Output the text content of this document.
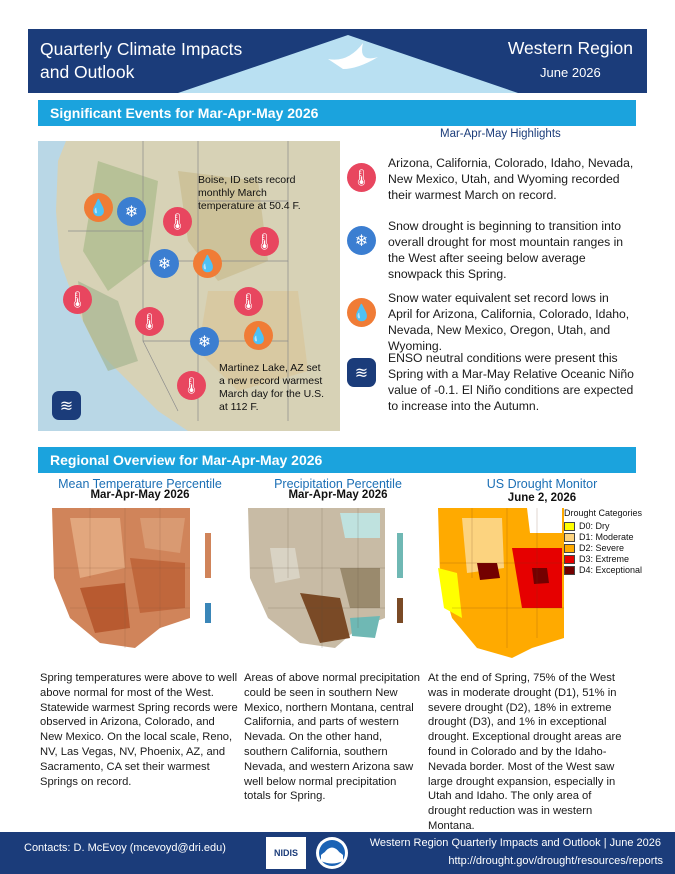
Quarterly Climate Impacts
and Outlook
Western Region
June 2026
Significant Events for Mar-Apr-May 2026
Boise, ID sets record monthly March temperature at 50.4 F.
Martinez Lake, AZ set a new record warmest March day for the U.S. at 112 F.
💧	❄
🌡
🌡
❄	💧
🌡	🌡
🌡
💧
❄
🌡
≋
Mar-Apr-May Highlights
🌡
Arizona, California, Colorado, Idaho, Nevada, New Mexico, Utah, and Wyoming recorded their warmest March on record.
❄
Snow drought is beginning to transition into overall drought for most mountain ranges in the West after seeing below average snowpack this Spring.
💧
Snow water equivalent set record lows in April for Arizona, California, Colorado, Idaho, Nevada, New Mexico, Oregon, Utah, and Wyoming.
≋
ENSO neutral conditions were present this Spring with a Mar-May Relative Oceanic Niño value of -0.1. El Niño conditions are expected to increase into the Autumn.
Regional Overview for Mar-Apr-May 2026
Mean Temperature Percentile
Mar-Apr-May 2026
Spring temperatures were above to well above normal for most of the West. Statewide warmest Spring records were observed in Arizona, Colorado, and New Mexico. On the local scale, Reno, NV, Las Vegas, NV, Phoenix, AZ, and Sacramento, CA set their warmest Springs on record.
Precipitation Percentile
Mar-Apr-May 2026
Areas of above normal precipitation could be seen in southern New Mexico, northern Montana, central California, and parts of western Nevada. On the other hand, southern California, southern Nevada, and western Arizona saw well below normal precipitation totals for Spring.
US Drought Monitor
June 2, 2026
Drought Categories
D0: Dry
D1: Moderate
D2: Severe
D3: Extreme
D4: Exceptional
At the end of Spring, 75% of the West was in moderate drought (D1), 51% in severe drought (D2), 18% in extreme drought (D3), and 1% in exceptional drought. Exceptional drought areas are found in Colorado and by the Idaho-Nevada border. Most of the West saw large drought expansion, especially in Utah and Idaho. The only area of drought reduction was in western Montana.
Contacts: D. McEvoy (mcevoyd@dri.edu)	NIDIS
Western Region Quarterly Impacts and Outlook | June 2026
http://drought.gov/drought/resources/reports
